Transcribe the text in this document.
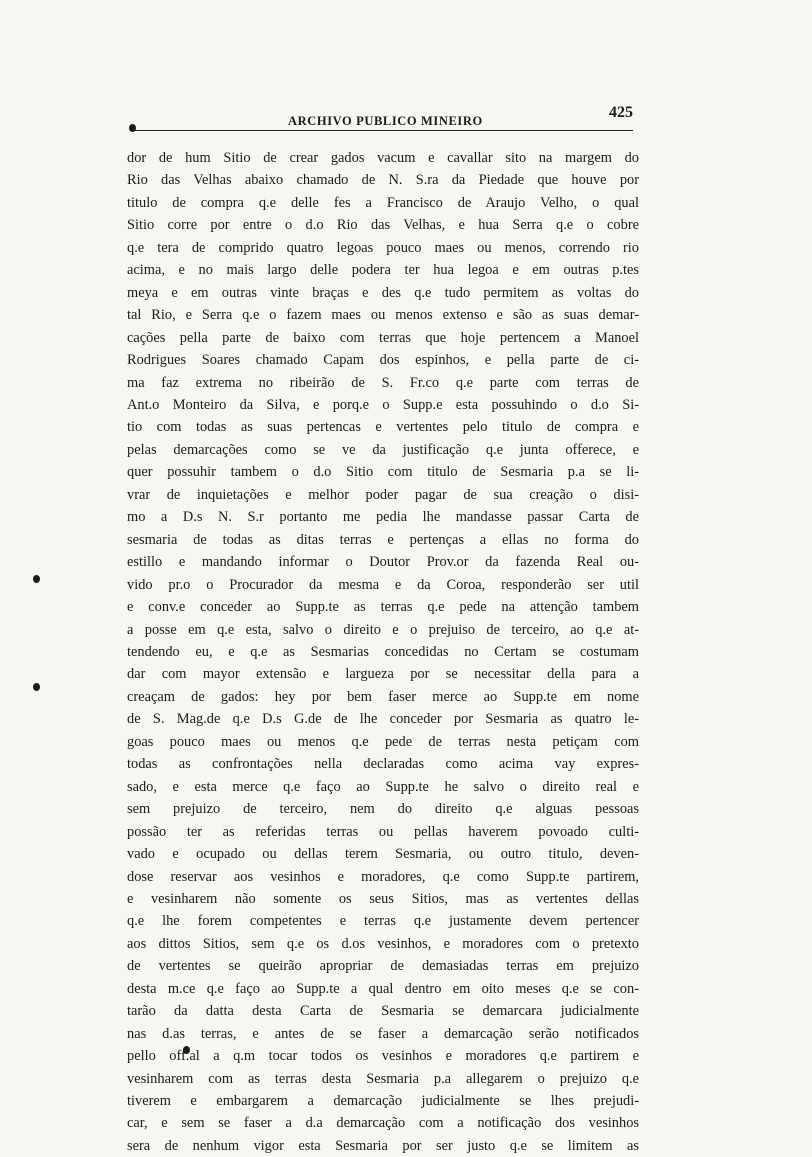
ARCHIVO PUBLICO MINEIRO	425
dor de hum Sitio de crear gados vacum e cavallar sito na margem do
Rio das Velhas abaixo chamado de N. S.ra da Piedade que houve por
titulo de compra q.e delle fes a Francisco de Araujo Velho, o qual
Sitio corre por entre o d.o Rio das Velhas, e hua Serra q.e o cobre
q.e tera de comprido quatro legoas pouco maes ou menos, correndo rio
acima, e no mais largo delle podera ter hua legoa e em outras p.tes
meya e em outras vinte braças e des q.e tudo permitem as voltas do
tal Rio, e Serra q.e o fazem maes ou menos extenso e são as suas demar-
cações pella parte de baixo com terras que hoje pertencem a Manoel
Rodrigues Soares chamado Capam dos espinhos, e pella parte de ci-
ma faz extrema no ribeirão de S. Fr.co q.e parte com terras de
Ant.o Monteiro da Silva, e porq.e o Supp.e esta possuhindo o d.o Si-
tio com todas as suas pertencas e vertentes pelo titulo de compra e
pelas demarcações como se ve da justificação q.e junta offerece, e
quer possuhir tambem o d.o Sitio com titulo de Sesmaria p.a se li-
vrar de inquietações e melhor poder pagar de sua creação o disi-
mo a D.s N. S.r portanto me pedia lhe mandasse passar Carta de
sesmaria de todas as ditas terras e pertenças a ellas no forma do
estillo e mandando informar o Doutor Prov.or da fazenda Real ou-
vido pr.o o Procurador da mesma e da Coroa, responderão ser util
e conv.e conceder ao Supp.te as terras q.e pede na attenção tambem
a posse em q.e esta, salvo o direito e o prejuiso de terceiro, ao q.e at-
tendendo eu, e q.e as Sesmarias concedidas no Certam se costumam
dar com mayor extensão e largueza por se necessitar della para a
creaçam de gados: hey por bem faser merce ao Supp.te em nome
de S. Mag.de q.e D.s G.de de lhe conceder por Sesmaria as quatro le-
goas pouco maes ou menos q.e pede de terras nesta petiçam com
todas as confrontações nella declaradas como acima vay expres-
sado, e esta merce q.e faço ao Supp.te he salvo o direito real e
sem prejuizo de terceiro, nem do direito q.e alguas pessoas
possão ter as referidas terras ou pellas haverem povoado culti-
vado e ocupado ou dellas terem Sesmaria, ou outro titulo, deven-
dose reservar aos vesinhos e moradores, q.e como Supp.te partirem,
e vesinharem não somente os seus Sitios, mas as vertentes dellas
q.e lhe forem competentes e terras q.e justamente devem pertencer
aos dittos Sitios, sem q.e os d.os vesinhos, e moradores com o pretexto
de vertentes se queirão apropriar de demasiadas terras em prejuizo
desta m.ce q.e faço ao Supp.te a qual dentro em oito meses q.e se con-
tarão da datta desta Carta de Sesmaria se demarcara judicialmente
nas d.as terras, e antes de se faser a demarcação serão notificados
pello off.al a q.m tocar todos os vesinhos e moradores q.e partirem e
vesinharem com as terras desta Sesmaria p.a allegarem o prejuizo q.e
tiverem e embargarem a demarcação judicialmente se lhes prejudi-
car, e sem se faser a d.a demarcação com a notificação dos vesinhos
sera de nenhum vigor esta Sesmaria por ser justo q.e se limitem as
